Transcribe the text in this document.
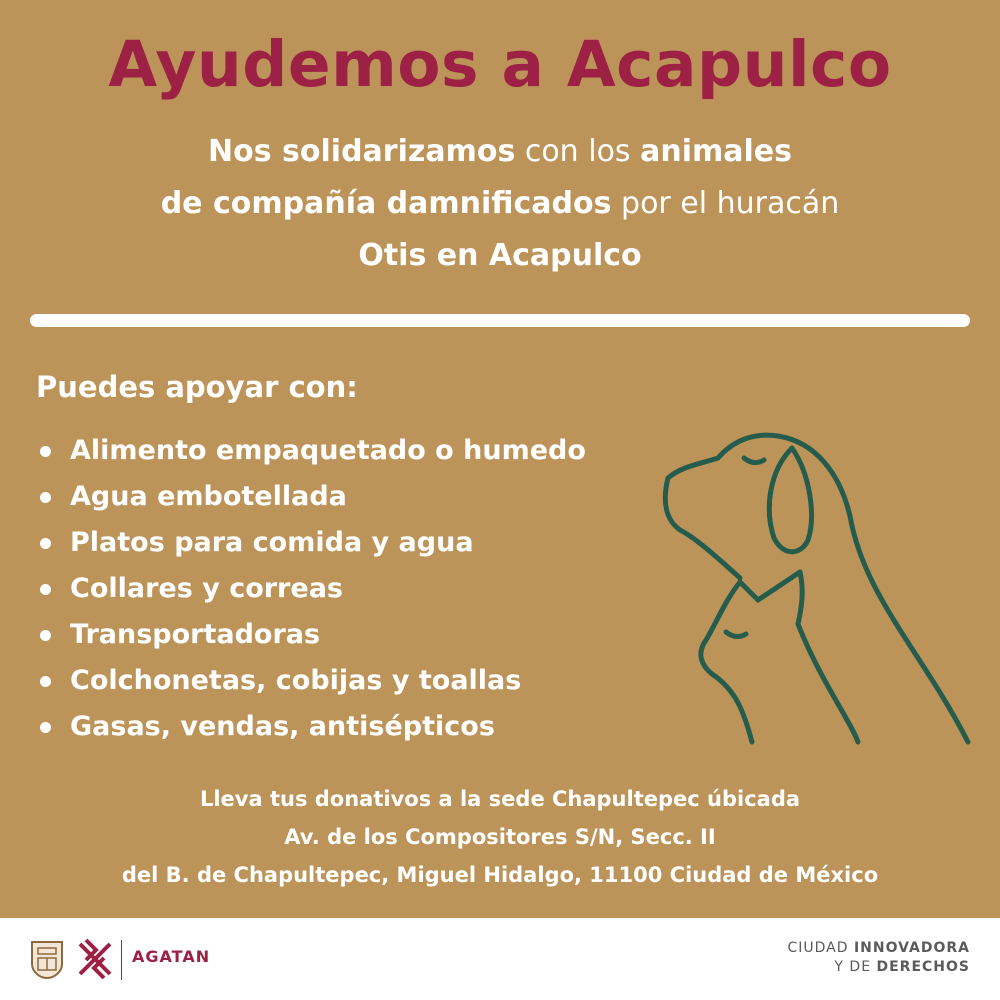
Ayudemos a Acapulco
Nos solidarizamos con los animales
de compañía damnificados por el huracán
Otis en Acapulco
Puedes apoyar con:
Alimento empaquetado o humedo
Agua embotellada
Platos para comida y agua
Collares y correas
Transportadoras
Colchonetas, cobijas y toallas
Gasas, vendas, antisépticos
Lleva tus donativos a la sede Chapultepec úbicada
Av. de los Compositores S/N, Secc. II
del B. de Chapultepec, Miguel Hidalgo, 11100 Ciudad de México
AGATAN	CIUDAD INNOVADORA
Y DE DERECHOS
